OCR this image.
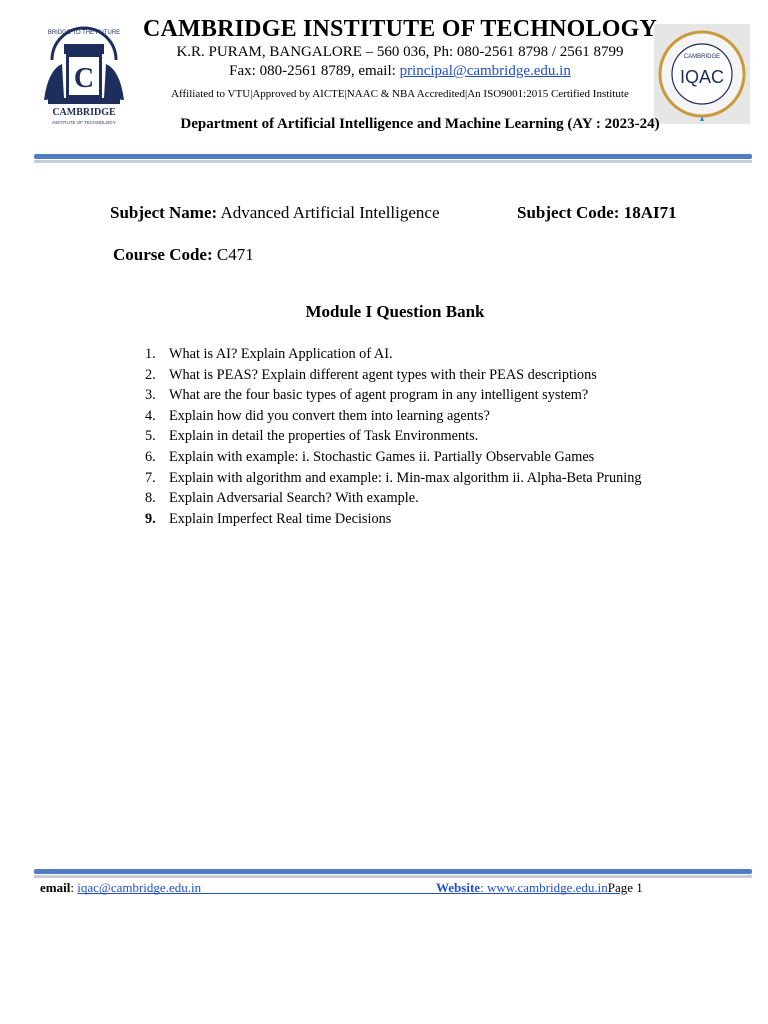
BRIDGE TO THE FUTURE
C
CAMBRIDGE
INSTITUTE OF TECHNOLOGY
CAMBRIDGE
IQAC
CAMBRIDGE INSTITUTE OF TECHNOLOGY
K.R. PURAM, BANGALORE – 560 036, Ph: 080-2561 8798 / 2561 8799
Fax: 080-2561 8789, email: principal@cambridge.edu.in
Affiliated to VTU|Approved by AICTE|NAAC & NBA Accredited|An ISO9001:2015 Certified Institute
Department of Artificial Intelligence and Machine Learning (AY : 2023-24)
Subject Name: Advanced Artificial Intelligence	Subject Code: 18AI71
Course Code: C471
Module I Question Bank
1. What is AI? Explain Application of AI.
2. What is PEAS? Explain different agent types with their PEAS descriptions
3. What are the four basic types of agent program in any intelligent system?
4. Explain how did you convert them into learning agents?
5. Explain in detail the properties of Task Environments.
6. Explain with example: i. Stochastic Games ii. Partially Observable Games
7. Explain with algorithm and example: i. Min-max algorithm ii. Alpha-Beta Pruning
8. Explain Adversarial Search? With example.
9. Explain Imperfect Real time Decisions
email: iqac@cambridge.edu.in	Website: www.cambridge.edu.inPage 1
